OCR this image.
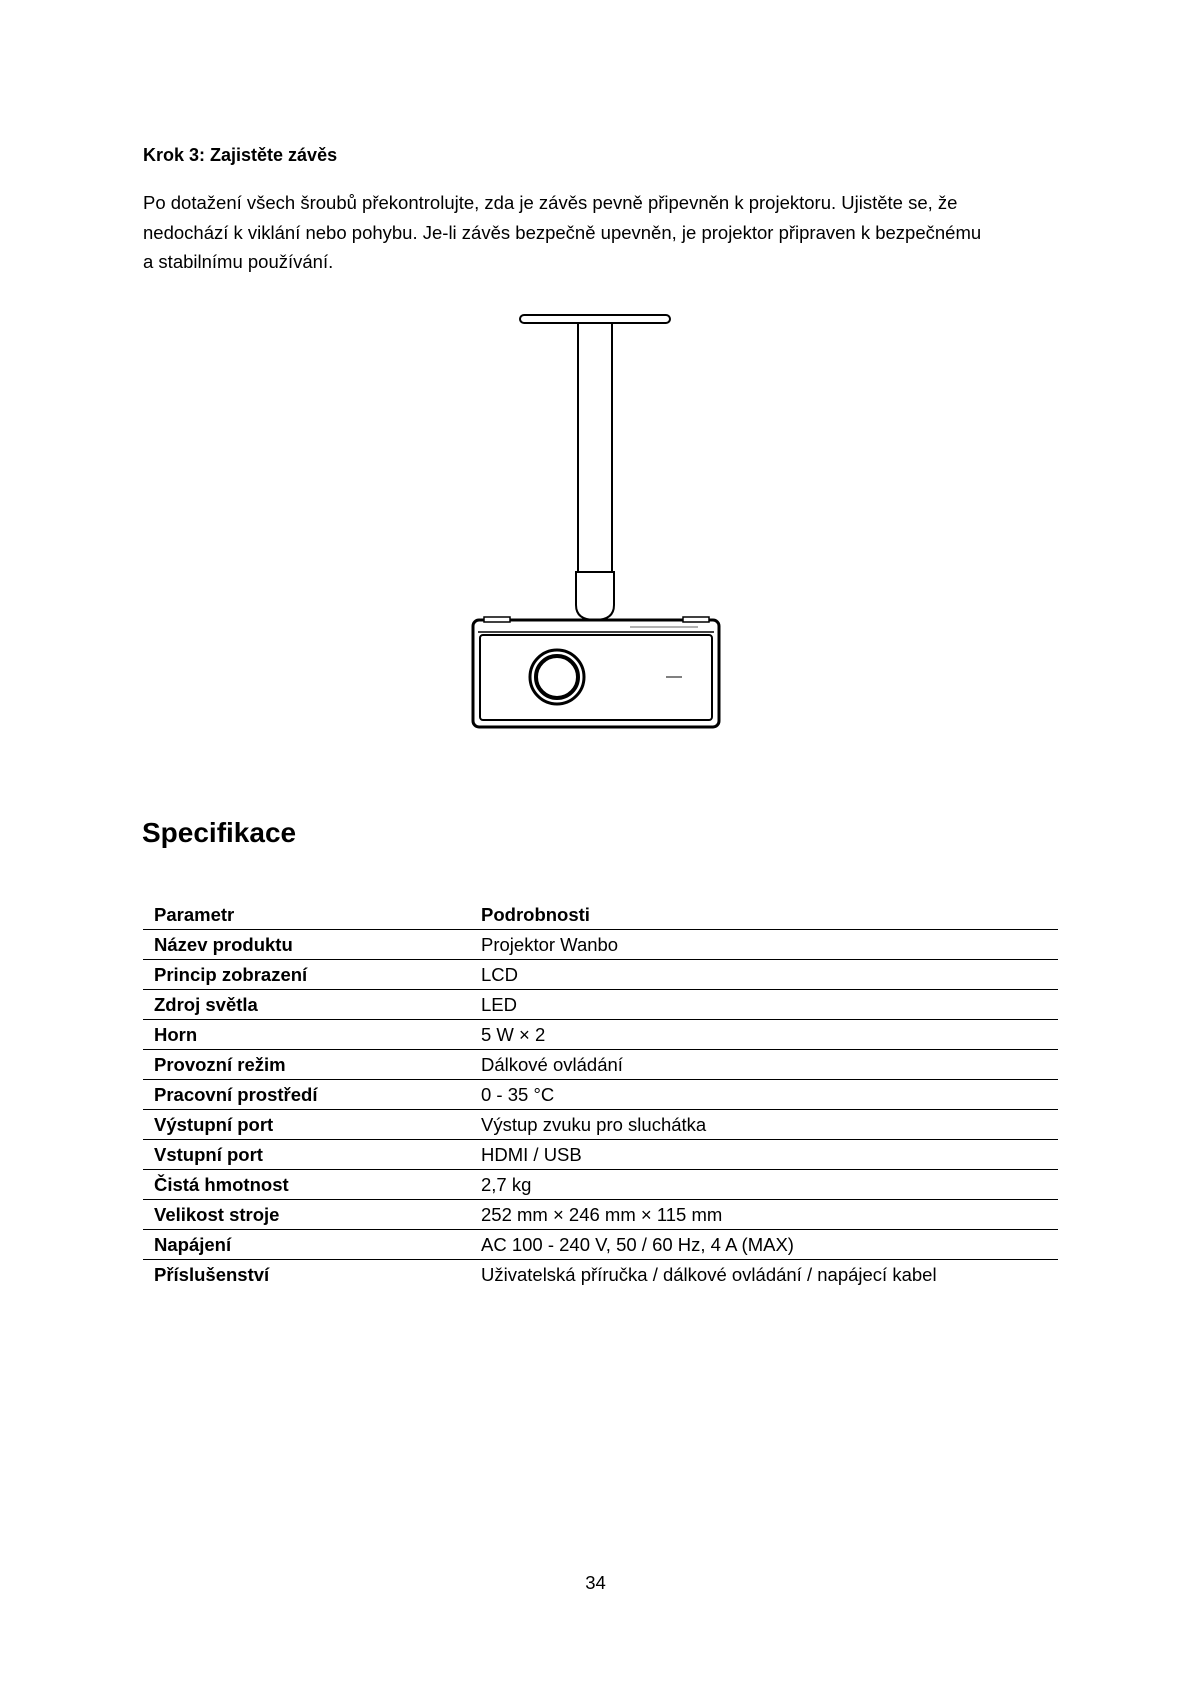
Krok 3: Zajistěte závěs

Po dotažení všech šroubů překontrolujte, zda je závěs pevně připevněn k projektoru. Ujistěte se, že
nedochází k viklání nebo pohybu. Je-li závěs bezpečně upevněn, je projektor připraven k bezpečnému
a stabilnímu používání.

Specifikace
Parametr	Podrobnosti
Název produktu	Projektor Wanbo
Princip zobrazení	LCD
Zdroj světla	LED
Horn	5 W × 2
Provozní režim	Dálkové ovládání
Pracovní prostředí	0 - 35 °C
Výstupní port	Výstup zvuku pro sluchátka
Vstupní port	HDMI / USB
Čistá hmotnost	2,7 kg
Velikost stroje	252 mm × 246 mm × 115 mm
Napájení	AC 100 - 240 V, 50 / 60 Hz, 4 A (MAX)
Příslušenství	Uživatelská příručka / dálkové ovládání / napájecí kabel

34
